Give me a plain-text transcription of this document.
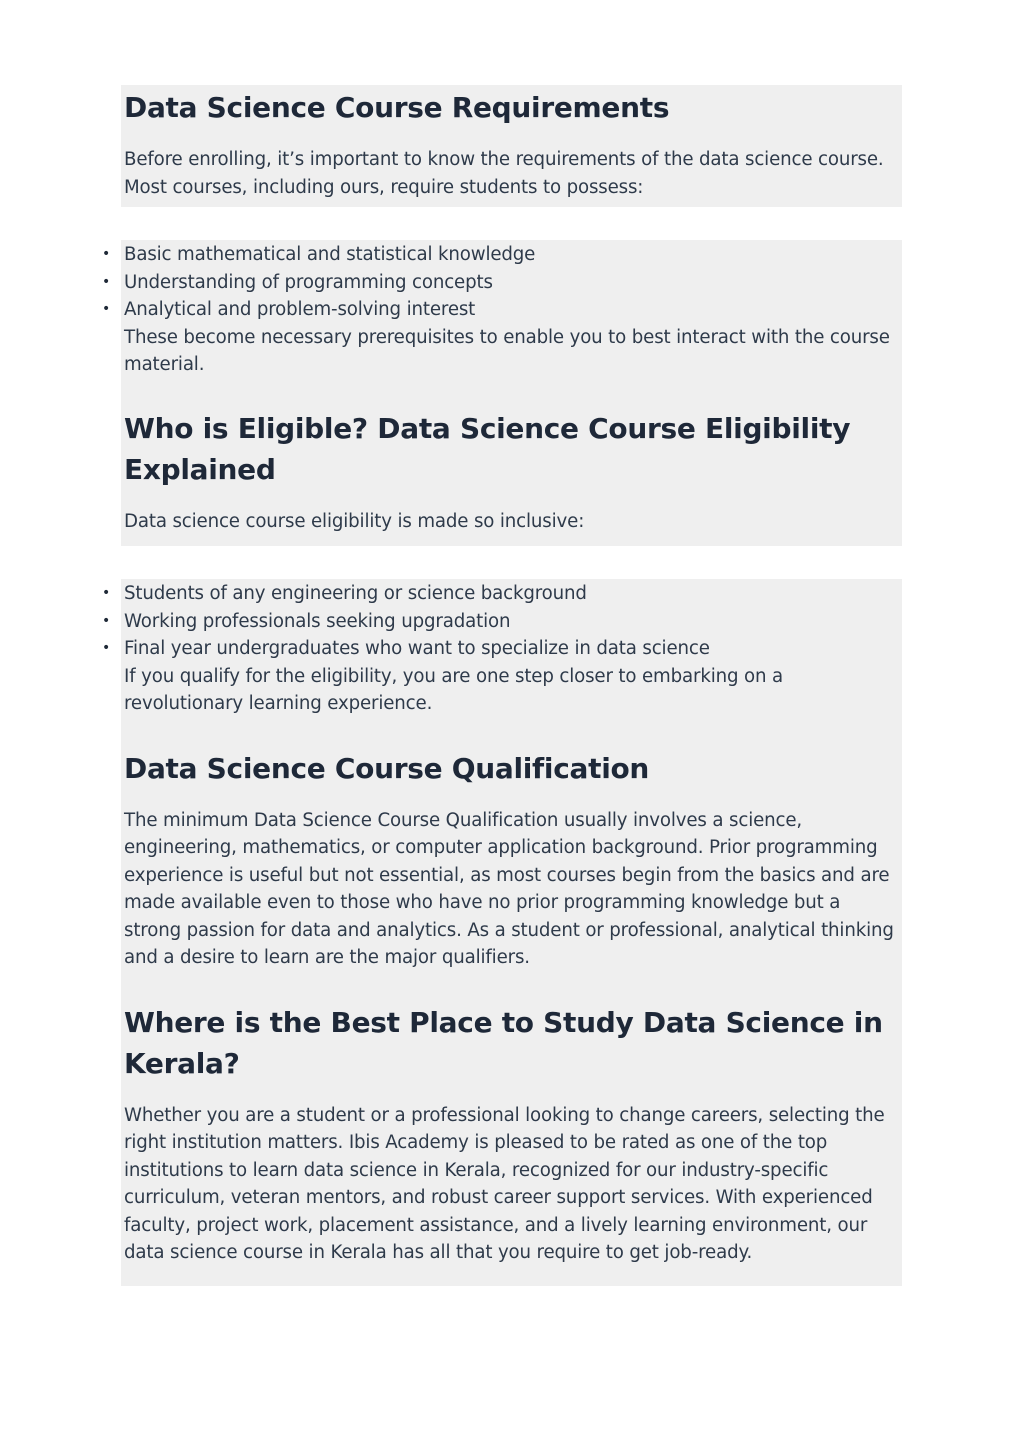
Data Science Course Requirements

Before enrolling, it’s important to know the requirements of the data science course. Most courses, including ours, require students to possess:

• Basic mathematical and statistical knowledge
• Understanding of programming concepts
• Analytical and problem-solving interest

These become necessary prerequisites to enable you to best interact with the course material.

Who is Eligible? Data Science Course Eligibility Explained

Data science course eligibility is made so inclusive:

• Students of any engineering or science background
• Working professionals seeking upgradation
• Final year undergraduates who want to specialize in data science

If you qualify for the eligibility, you are one step closer to embarking on a revolutionary learning experience.

Data Science Course Qualification

The minimum Data Science Course Qualification usually involves a science, engineering, mathematics, or computer application background. Prior programming experience is useful but not essential, as most courses begin from the basics and are made available even to those who have no prior programming knowledge but a strong passion for data and analytics. As a student or professional, analytical thinking and a desire to learn are the major qualifiers.

Where is the Best Place to Study Data Science in Kerala?

Whether you are a student or a professional looking to change careers, selecting the right institution matters. Ibis Academy is pleased to be rated as one of the top institutions to learn data science in Kerala, recognized for our industry-specific curriculum, veteran mentors, and robust career support services. With experienced faculty, project work, placement assistance, and a lively learning environment, our data science course in Kerala has all that you require to get job-ready.
